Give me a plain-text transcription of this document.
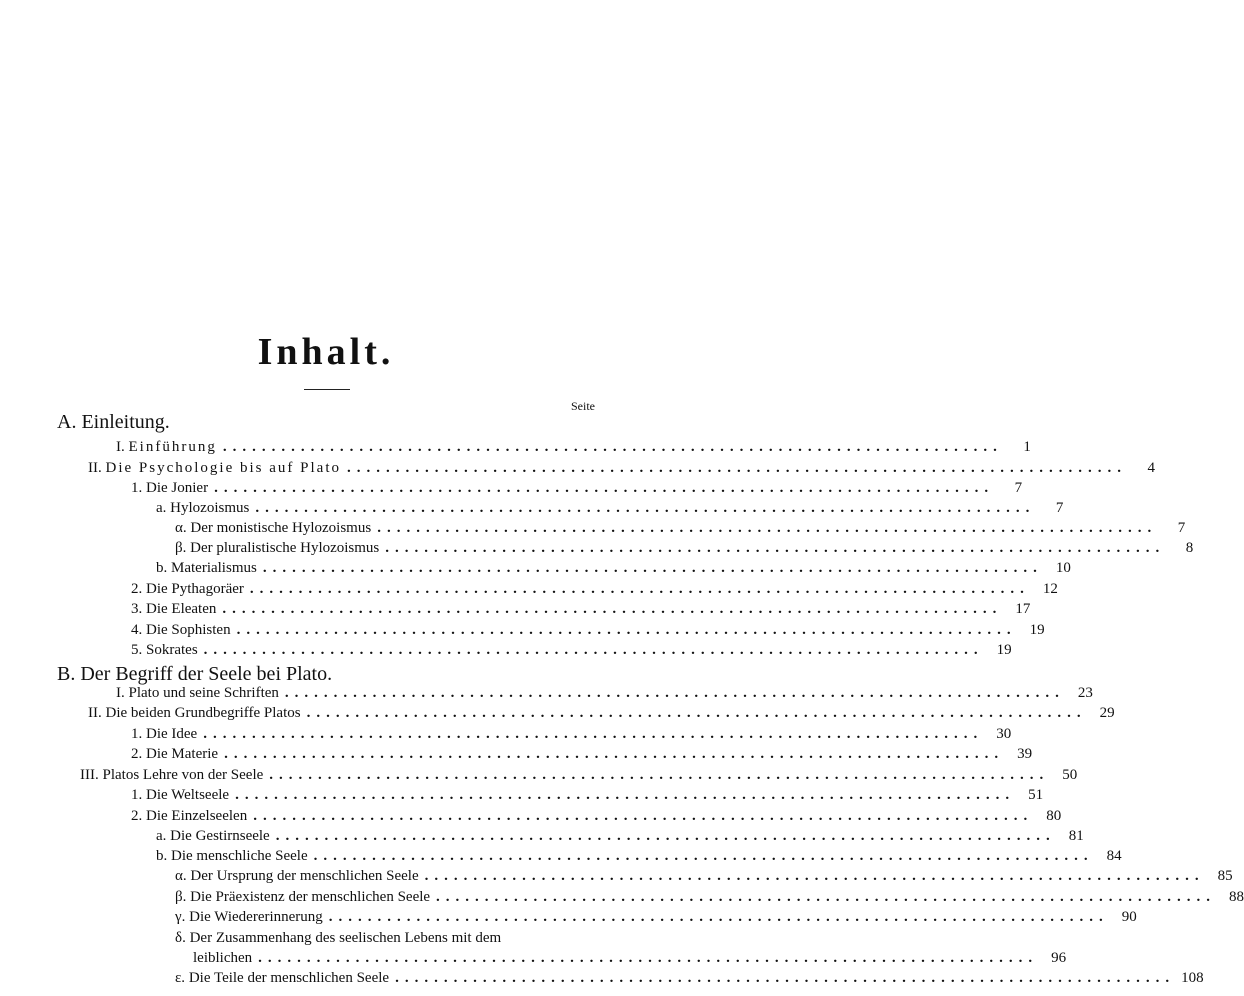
Inhalt.
Seite
A. Einleitung.
B. Der Begriff der Seele bei Plato.
I. Einführung ................................................................................	1
II. Die Psychologie bis auf Plato ................................................................................	4
1. Die Jonier ................................................................................	7
a. Hylozoismus ................................................................................	7
α. Der monistische Hylozoismus ................................................................................	7
β. Der pluralistische Hylozoismus ................................................................................	8
b. Materialismus ................................................................................ 10
2. Die Pythagoräer ................................................................................ 12
3. Die Eleaten ................................................................................ 17
4. Die Sophisten ................................................................................ 19
5. Sokrates ................................................................................ 19
I. Plato und seine Schriften ................................................................................ 23
II. Die beiden Grundbegriffe Platos ................................................................................ 29
1. Die Idee ................................................................................ 30
2. Die Materie ................................................................................ 39
III. Platos Lehre von der Seele ................................................................................ 50
1. Die Weltseele ................................................................................ 51
2. Die Einzelseelen ................................................................................ 80
a. Die Gestirnseele ................................................................................ 81
b. Die menschliche Seele ................................................................................ 84
α. Der Ursprung der menschlichen Seele ................................................................................ 85
β. Die Präexistenz der menschlichen Seele ................................................................................ 88
γ. Die Wiedererinnerung ................................................................................ 90
δ. Der Zusammenhang des seelischen Lebens mit dem
leiblichen ................................................................................ 96
ε. Die Teile der menschlichen Seele ................................................................................ 108
